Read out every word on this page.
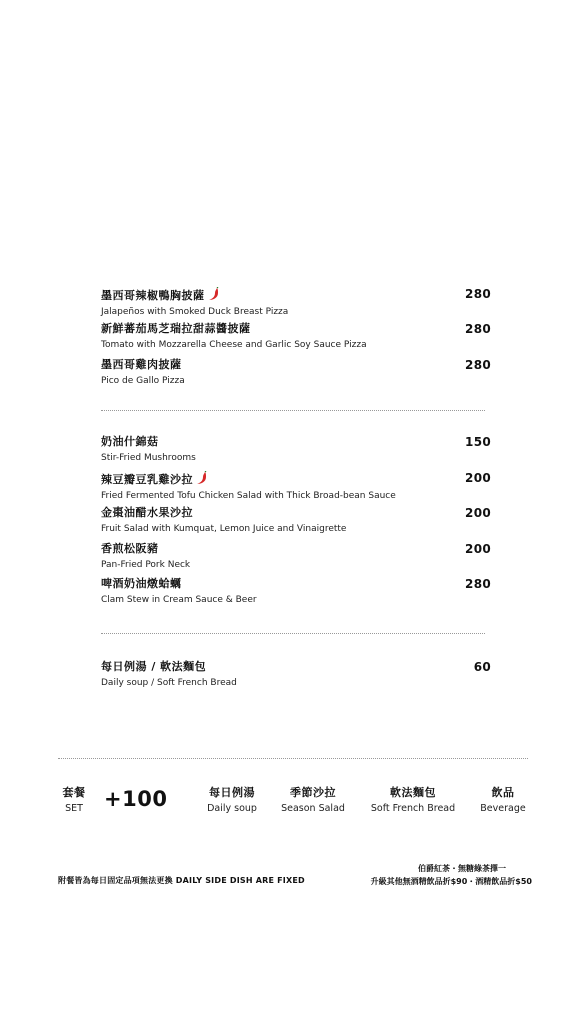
墨西哥辣椒鴨胸披薩
Jalapeños with Smoked Duck Breast Pizza
280
新鮮蕃茄馬芝瑞拉甜蒜醬披薩
Tomato with Mozzarella Cheese and Garlic Soy Sauce Pizza
280
墨西哥雞肉披薩
Pico de Gallo Pizza
280
奶油什錦菇
Stir-Fried Mushrooms
150
辣豆瓣豆乳雞沙拉
Fried Fermented Tofu Chicken Salad with Thick Broad-bean Sauce
200
金棗油醋水果沙拉
Fruit Salad with Kumquat, Lemon Juice and Vinaigrette
200
香煎松阪豬
Pan-Fried Pork Neck
200
啤酒奶油燉蛤蠣
Clam Stew in Cream Sauce & Beer
280
每日例湯 / 軟法麵包
Daily soup / Soft French Bread
60
套餐
SET	+100	每日例湯
Daily soup
季節沙拉
Season Salad
軟法麵包
Soft French Bread
飲品
Beverage
附餐皆為每日固定品項無法更換 DAILY SIDE DISH ARE FIXED
伯爵紅茶・無糖綠茶擇一
升級其他無酒精飲品折$90・酒精飲品折$50
